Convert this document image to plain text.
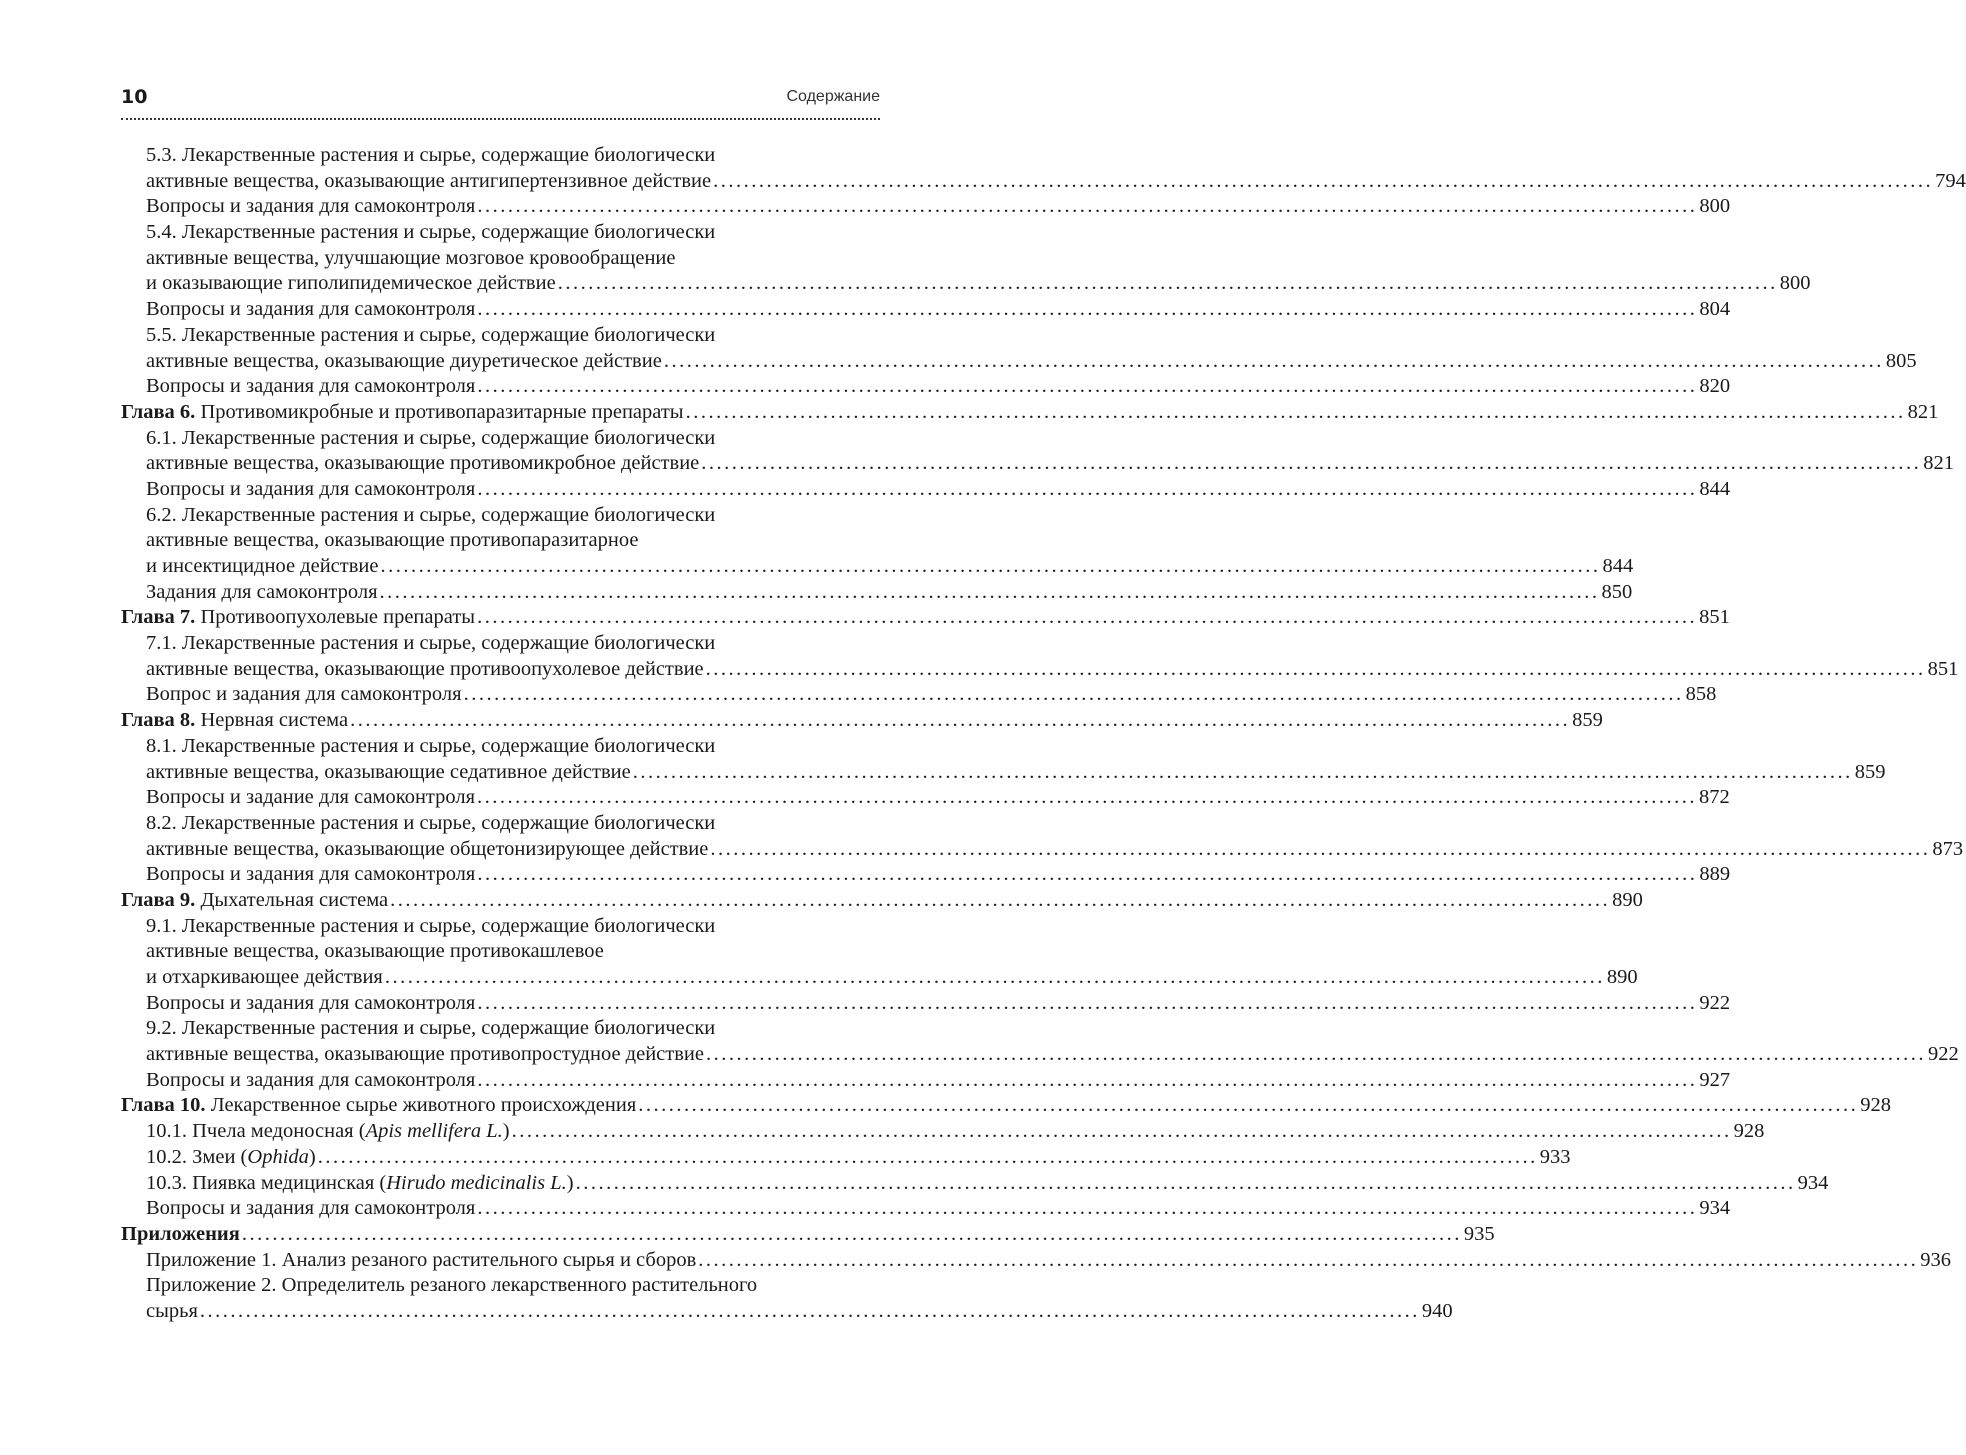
10	Содержание
5.3. Лекарственные растения и сырье, содержащие биологически
активные вещества, оказывающие антигипертензивное действие ................................................................................................................................................................ 794
Вопросы и задания для самоконтроля ................................................................................................................................................................ 800
5.4. Лекарственные растения и сырье, содержащие биологически
активные вещества, улучшающие мозговое кровообращение
и оказывающие гиполипидемическое действие ................................................................................................................................................................ 800
Вопросы и задания для самоконтроля ................................................................................................................................................................ 804
5.5. Лекарственные растения и сырье, содержащие биологически
активные вещества, оказывающие диуретическое действие ................................................................................................................................................................ 805
Вопросы и задания для самоконтроля ................................................................................................................................................................ 820
Глава 6. Противомикробные и противопаразитарные препараты ................................................................................................................................................................ 821
6.1. Лекарственные растения и сырье, содержащие биологически
активные вещества, оказывающие противомикробное действие ................................................................................................................................................................ 821
Вопросы и задания для самоконтроля ................................................................................................................................................................ 844
6.2. Лекарственные растения и сырье, содержащие биологически
активные вещества, оказывающие противопаразитарное
и инсектицидное действие ................................................................................................................................................................ 844
Задания для самоконтроля ................................................................................................................................................................ 850
Глава 7. Противоопухолевые препараты ................................................................................................................................................................ 851
7.1. Лекарственные растения и сырье, содержащие биологически
активные вещества, оказывающие противоопухолевое действие ................................................................................................................................................................ 851
Вопрос и задания для самоконтроля ................................................................................................................................................................ 858
Глава 8. Нервная система ................................................................................................................................................................ 859
8.1. Лекарственные растения и сырье, содержащие биологически
активные вещества, оказывающие седативное действие ................................................................................................................................................................ 859
Вопросы и задание для самоконтроля ................................................................................................................................................................ 872
8.2. Лекарственные растения и сырье, содержащие биологически
активные вещества, оказывающие общетонизирующее действие ................................................................................................................................................................ 873
Вопросы и задания для самоконтроля ................................................................................................................................................................ 889
Глава 9. Дыхательная система ................................................................................................................................................................ 890
9.1. Лекарственные растения и сырье, содержащие биологически
активные вещества, оказывающие противокашлевое
и отхаркивающее действия ................................................................................................................................................................ 890
Вопросы и задания для самоконтроля ................................................................................................................................................................ 922
9.2. Лекарственные растения и сырье, содержащие биологически
активные вещества, оказывающие противопростудное действие ................................................................................................................................................................ 922
Вопросы и задания для самоконтроля ................................................................................................................................................................ 927
Глава 10. Лекарственное сырье животного происхождения ................................................................................................................................................................ 928
10.1. Пчела медоносная (Apis mellifera L.) ................................................................................................................................................................ 928
10.2. Змеи (Ophida) ................................................................................................................................................................ 933
10.3. Пиявка медицинская (Hirudo medicinalis L.) ................................................................................................................................................................ 934
Вопросы и задания для самоконтроля ................................................................................................................................................................ 934
Приложения ................................................................................................................................................................ 935
Приложение 1. Анализ резаного растительного сырья и сборов ................................................................................................................................................................ 936
Приложение 2. Определитель резаного лекарственного растительного
сырья ................................................................................................................................................................ 940
